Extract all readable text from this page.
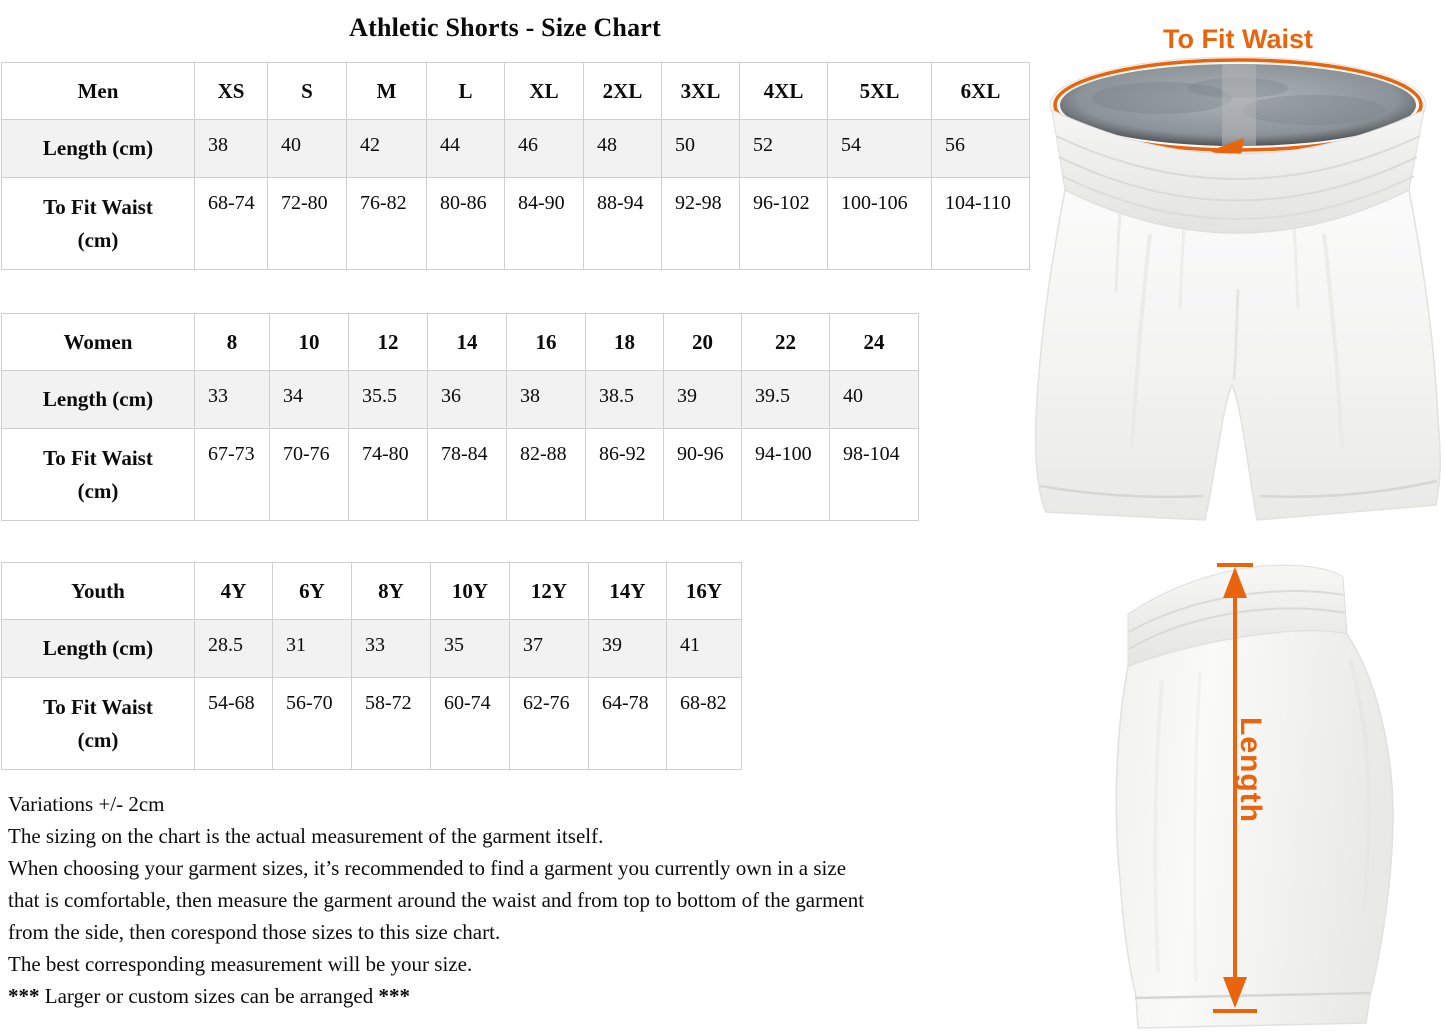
Athletic Shorts - Size Chart
Men	XS	S	M	L	XL	2XL	3XL	4XL	5XL	6XL
Length (cm)	38	40	42	44	46	48	50	52	54	56
To Fit Waist
(cm)	68-74	72-80	76-82	80-86	84-90	88-94	92-98	96-102	100-106	104-110
Women	8	10	12	14	16	18	20	22	24
Length (cm)	33	34	35.5	36	38	38.5	39	39.5	40
To Fit Waist
(cm)	67-73	70-76	74-80	78-84	82-88	86-92	90-96	94-100	98-104
Youth	4Y	6Y	8Y	10Y	12Y	14Y	16Y
Length (cm)	28.5	31	33	35	37	39	41
To Fit Waist
(cm)	54-68	56-70	58-72	60-74	62-76	64-78	68-82
Variations +/- 2cm
The sizing on the chart is the actual measurement of the garment itself.
When choosing your garment sizes, it’s recommended to find a garment you currently own in a size
that is comfortable, then measure the garment around the waist and from top to bottom of the garment
from the side, then corespond those sizes to this size chart.
The best corresponding measurement will be your size.
*** Larger or custom sizes can be arranged ***
To Fit Waist
Length
